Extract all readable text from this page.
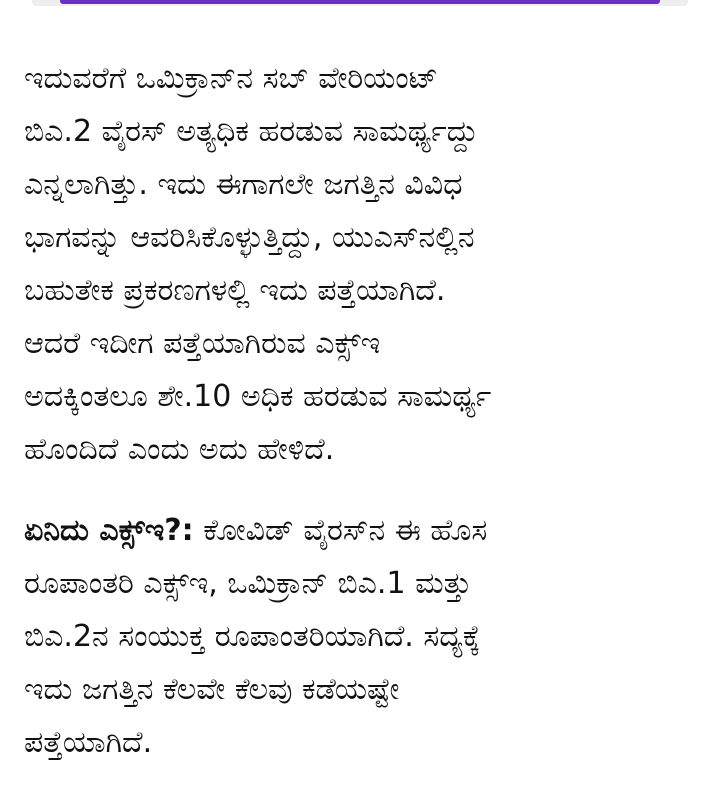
ಇದುವರೆಗೆ ಒಮಿಕ್ರಾನ್‌ನ ಸಬ್ ವೇರಿಯಂಟ್
ಬಿಎ.2 ವೈರಸ್ ಅತ್ಯಧಿಕ ಹರಡುವ ಸಾಮರ್ಥ್ಯದ್ದು
ಎನ್ನಲಾಗಿತ್ತು. ಇದು ಈಗಾಗಲೇ ಜಗತ್ತಿನ ವಿವಿಧ
ಭಾಗವನ್ನು ಆವರಿಸಿಕೊಳ್ಳುತ್ತಿದ್ದು, ಯುಎಸ್‌ನಲ್ಲಿನ
ಬಹುತೇಕ ಪ್ರಕರಣಗಳಲ್ಲಿ ಇದು ಪತ್ತೆಯಾಗಿದೆ.
ಆದರೆ ಇದೀಗ ಪತ್ತೆಯಾಗಿರುವ ಎಕ್ಸ್‌ಇ
ಅದಕ್ಕಿಂತಲೂ ಶೇ.10 ಅಧಿಕ ಹರಡುವ ಸಾಮರ್ಥ್ಯ
ಹೊಂದಿದೆ ಎಂದು ಅದು ಹೇಳಿದೆ.

ಏನಿದು ಎಕ್ಸ್‌ಇ?: ಕೋವಿಡ್ ವೈರಸ್‌ನ ಈ ಹೊಸ
ರೂಪಾಂತರಿ ಎಕ್ಸ್‌ಇ, ಒಮಿಕ್ರಾನ್ ಬಿಎ.1 ಮತ್ತು
ಬಿಎ.2ನ ಸಂಯುಕ್ತ ರೂಪಾಂತರಿಯಾಗಿದೆ. ಸದ್ಯಕ್ಕೆ
ಇದು ಜಗತ್ತಿನ ಕೆಲವೇ ಕೆಲವು ಕಡೆಯಷ್ಟೇ
ಪತ್ತೆಯಾಗಿದೆ.
